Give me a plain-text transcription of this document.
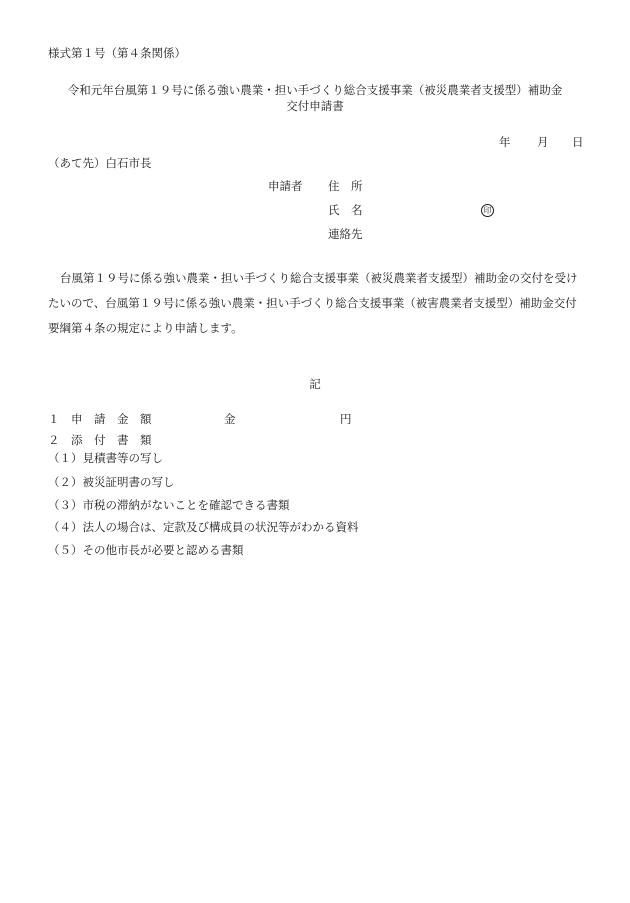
様式第１号（第４条関係）
令和元年台風第１９号に係る強い農業・担い手づくり総合支援事業（被災農業者支援型）補助金
交付申請書
年 月 日
（あて先）白石市長
申請者 住　所
氏　名	印
連絡先
台風第１９号に係る強い農業・担い手づくり総合支援事業（被災農業者支援型）補助金の交付を受けたいので、台風第１９号に係る強い農業・担い手づくり総合支援事業（被害農業者支援型）補助金交付要綱第４条の規定により申請します。
記
１　申　請　金　額	金	円
２　添　付　書　類
（１）見積書等の写し
（２）被災証明書の写し
（３）市税の滞納がないことを確認できる書類
（４）法人の場合は、定款及び構成員の状況等がわかる資料
（５）その他市長が必要と認める書類
